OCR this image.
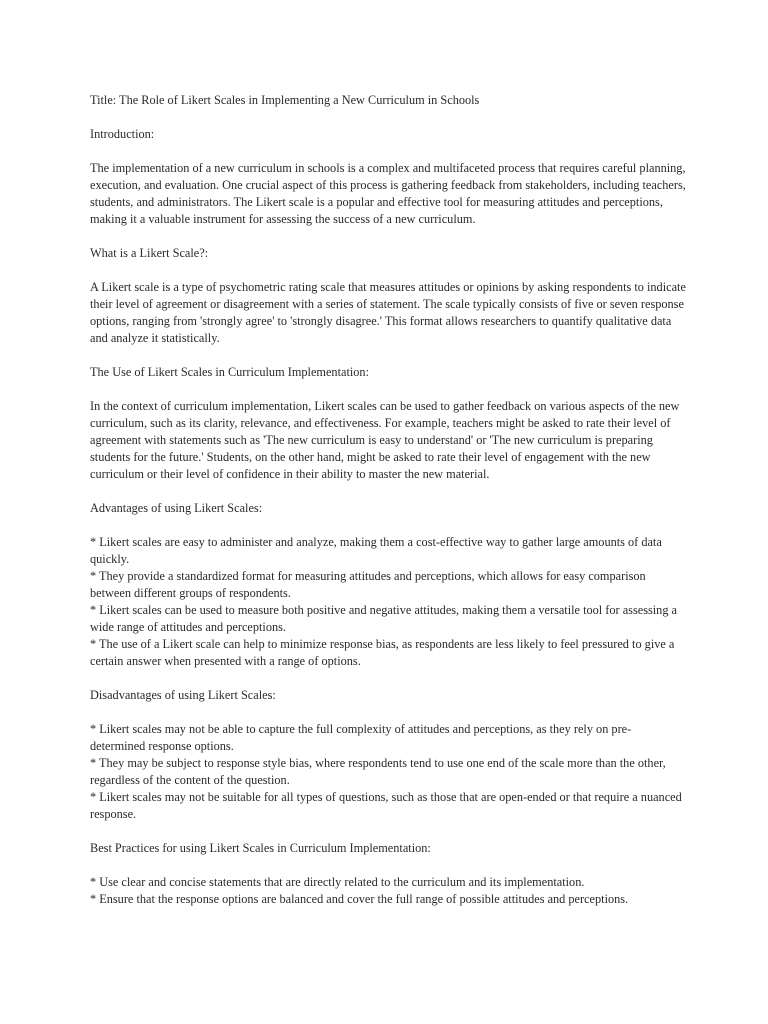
Title: The Role of Likert Scales in Implementing a New Curriculum in Schools

Introduction:

The implementation of a new curriculum in schools is a complex and multifaceted process that requires careful planning, execution, and evaluation. One crucial aspect of this process is gathering feedback from stakeholders, including teachers, students, and administrators. The Likert scale is a popular and effective tool for measuring attitudes and perceptions, making it a valuable instrument for assessing the success of a new curriculum.

What is a Likert Scale?:

A Likert scale is a type of psychometric rating scale that measures attitudes or opinions by asking respondents to indicate their level of agreement or disagreement with a series of statement. The scale typically consists of five or seven response options, ranging from 'strongly agree' to 'strongly disagree.' This format allows researchers to quantify qualitative data and analyze it statistically.

The Use of Likert Scales in Curriculum Implementation:

In the context of curriculum implementation, Likert scales can be used to gather feedback on various aspects of the new curriculum, such as its clarity, relevance, and effectiveness. For example, teachers might be asked to rate their level of agreement with statements such as 'The new curriculum is easy to understand' or 'The new curriculum is preparing students for the future.' Students, on the other hand, might be asked to rate their level of engagement with the new curriculum or their level of confidence in their ability to master the new material.

Advantages of using Likert Scales:

* Likert scales are easy to administer and analyze, making them a cost-effective way to gather large amounts of data quickly.

* They provide a standardized format for measuring attitudes and perceptions, which allows for easy comparison between different groups of respondents.

* Likert scales can be used to measure both positive and negative attitudes, making them a versatile tool for assessing a wide range of attitudes and perceptions.

* The use of a Likert scale can help to minimize response bias, as respondents are less likely to feel pressured to give a certain answer when presented with a range of options.

Disadvantages of using Likert Scales:

* Likert scales may not be able to capture the full complexity of attitudes and perceptions, as they rely on pre-determined response options.

* They may be subject to response style bias, where respondents tend to use one end of the scale more than the other, regardless of the content of the question.

* Likert scales may not be suitable for all types of questions, such as those that are open-ended or that require a nuanced response.

Best Practices for using Likert Scales in Curriculum Implementation:

* Use clear and concise statements that are directly related to the curriculum and its implementation.

* Ensure that the response options are balanced and cover the full range of possible attitudes and perceptions.
